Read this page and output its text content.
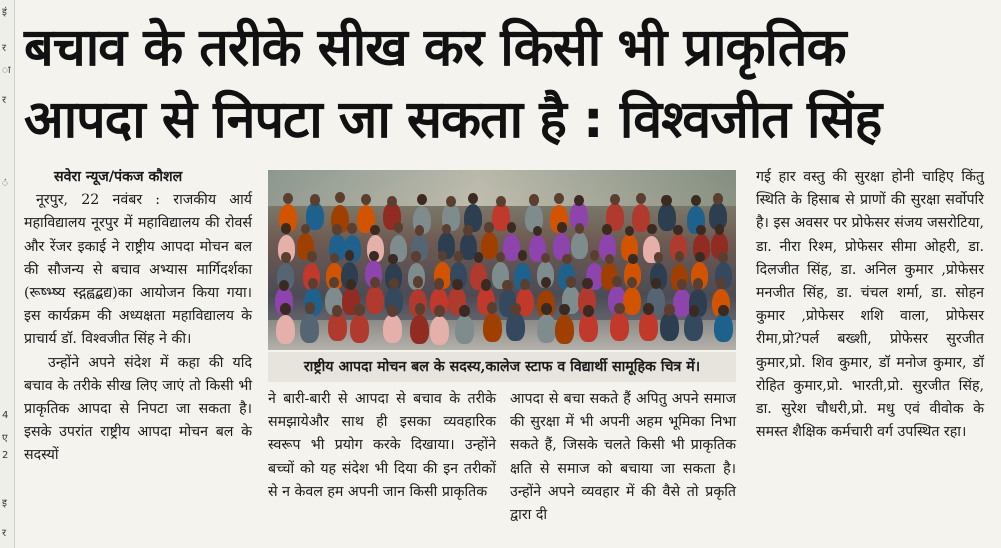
इं
र
ा
र
ं
4
ए
2
इ
र
बचाव के तरीके सीख कर किसी भी प्राकृतिक
आपदा से निपटा जा सकता है : विश्वजीत सिंह
सवेरा न्यूज/पंकज कौशल

नूरपुर, 22 नवंबर : राजकीय आर्य महाविद्यालय नूरपुर में महाविद्यालय की रोवर्स और रेंजर इकाई ने राष्ट्रीय आपदा मोचन बल की सौजन्य से बचाव अभ्यास मार्गिदर्शका (रूष्भ्ष्य स्द्गह्वद्बद्य)का आयोजन किया गया। इस कार्यक्रम की अध्यक्षता महाविद्यालय के प्राचार्य डॉ. विश्वजीत सिंह ने की।

उन्होंने अपने संदेश में कहा की यदि बचाव के तरीके सीख लिए जाएं तो किसी भी प्राकृतिक आपदा से निपटा जा सकता है। इसके उपरांत राष्ट्रीय आपदा मोचन बल के सदस्यों

राष्ट्रीय आपदा मोचन बल के सदस्य,कालेज स्टाफ व विद्यार्थी सामूहिक चित्र में।

ने बारी-बारी से आपदा से बचाव के तरीके समझायेऔर साथ ही इसका व्यवहारिक स्वरूप भी प्रयोग करके दिखाया। उन्होंने बच्चों को यह संदेश भी दिया की इन तरीकों से न केवल हम अपनी जान किसी प्राकृतिक

आपदा से बचा सकते हैं अपितु अपने समाज की सुरक्षा में भी अपनी अहम भूमिका निभा सकते हैं, जिसके चलते किसी भी प्राकृतिक क्षति से समाज को बचाया जा सकता है। उन्होंने अपने व्यवहार में की वैसे तो प्रकृति द्वारा दी

गई हार वस्तु की सुरक्षा होनी चाहिए किंतु स्थिति के हिसाब से प्राणों की सुरक्षा सर्वोपरि है। इस अवसर पर प्रोफेसर संजय जसरोटिया, डा. नीरा रिश्म, प्रोफेसर सीमा ओहरी, डा. दिलजीत सिंह, डा. अनिल कुमार ,प्रोफेसर मनजीत सिंह, डा. चंचल शर्मा, डा. सोहन कुमार ,प्रोफेसर शशि वाला, प्रोफेसर रीमा,प्रो?पर्ल बख्शी, प्रोफेसर सुरजीत कुमार,प्रो. शिव कुमार, डॉ मनोज कुमार, डॉ रोहित कुमार,प्रो. भारती,प्रो. सुरजीत सिंह, डा. सुरेश चौधरी,प्रो. मधु एवं वीवोक के समस्त शैक्षिक कर्मचारी वर्ग उपस्थित रहा।
